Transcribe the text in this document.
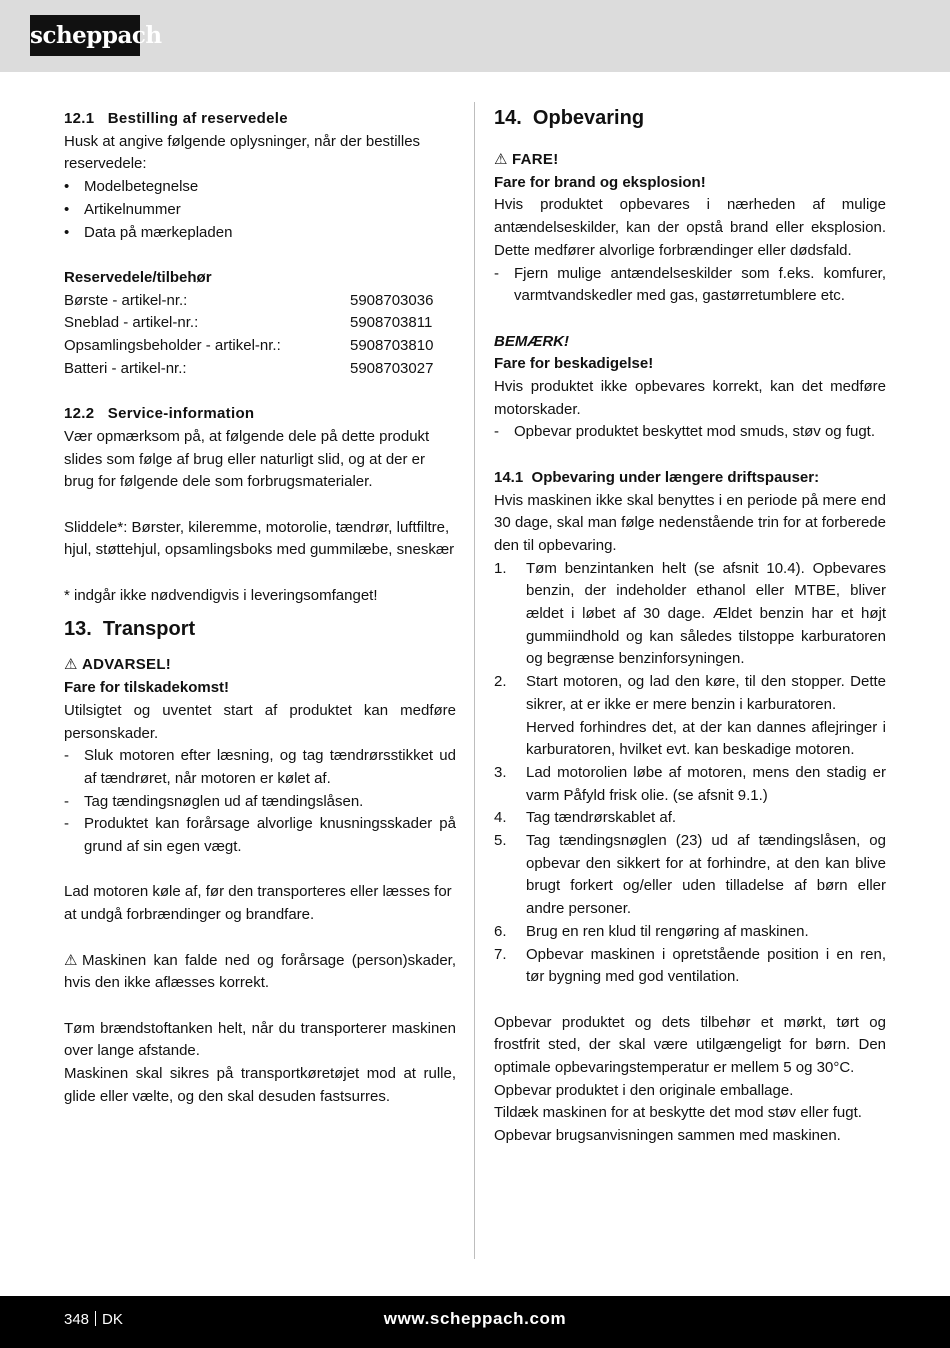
scheppach

12.1   Bestilling af reservedele

Husk at angive følgende oplysninger, når der bestilles reservedele:

• Modelbetegnelse
• Artikelnummer
• Data på mærkepladen

Reservedele/tilbehør

Børste - artikel-nr.:	5908703036
Sneblad - artikel-nr.:	5908703811
Opsamlingsbeholder - artikel-nr.:	5908703810
Batteri - artikel-nr.:	5908703027

12.2   Service-information

Vær opmærksom på, at følgende dele på dette produkt slides som følge af brug eller naturligt slid, og at der er brug for følgende dele som forbrugsmaterialer.

Sliddele*: Børster, kileremme, motorolie, tændrør, luftfiltre, hjul, støttehjul, opsamlingsboks med gummilæbe, sneskær

* indgår ikke nødvendigvis i leveringsomfanget!

13.  Transport

⚠ ADVARSEL!

Fare for tilskadekomst!

Utilsigtet og uventet start af produktet kan medføre personskader.

- Sluk motoren efter læsning, og tag tændrørsstikket ud af tændrøret, når motoren er kølet af.
- Tag tændingsnøglen ud af tændingslåsen.
- Produktet kan forårsage alvorlige knusningsskader på grund af sin egen vægt.

Lad motoren køle af, før den transporteres eller læsses for at undgå forbrændinger og brandfare.

⚠ Maskinen kan falde ned og forårsage (person)skader, hvis den ikke aflæsses korrekt.

Tøm brændstoftanken helt, når du transporterer maskinen over lange afstande.

Maskinen skal sikres på transportkøretøjet mod at rulle, glide eller vælte, og den skal desuden fastsurres.

14.  Opbevaring

⚠ FARE!

Fare for brand og eksplosion!

Hvis produktet opbevares i nærheden af mulige antændelseskilder, kan der opstå brand eller eksplosion. Dette medfører alvorlige forbrændinger eller dødsfald.

- Fjern mulige antændelseskilder som f.eks. komfurer, varmtvandskedler med gas, gastørretumblere etc.

BEMÆRK!

Fare for beskadigelse!

Hvis produktet ikke opbevares korrekt, kan det medføre motorskader.

- Opbevar produktet beskyttet mod smuds, støv og fugt.

14.1  Opbevaring under længere driftspauser:

Hvis maskinen ikke skal benyttes i en periode på mere end 30 dage, skal man følge nedenstående trin for at forberede den til opbevaring.

1. Tøm benzintanken helt (se afsnit 10.4). Opbevares benzin, der indeholder ethanol eller MTBE, bliver ældet i løbet af 30 dage. Ældet benzin har et højt gummiindhold og kan således tilstoppe karburatoren og begrænse benzinforsyningen.
2. Start motoren, og lad den køre, til den stopper. Dette sikrer, at er ikke er mere benzin i karburatoren.
Herved forhindres det, at der kan dannes aflejringer i karburatoren, hvilket evt. kan beskadige motoren.
3. Lad motorolien løbe af motoren, mens den stadig er varm Påfyld frisk olie. (se afsnit 9.1.)
4. Tag tændrørskablet af.
5. Tag tændingsnøglen (23) ud af tændingslåsen, og opbevar den sikkert for at forhindre, at den kan blive brugt forkert og/eller uden tilladelse af børn eller andre personer.
6. Brug en ren klud til rengøring af maskinen.
7. Opbevar maskinen i opretstående position i en ren, tør bygning med god ventilation.

Opbevar produktet og dets tilbehør et mørkt, tørt og frostfrit sted, der skal være utilgængeligt for børn. Den optimale opbevaringstemperatur er mellem 5 og 30°C.

Opbevar produktet i den originale emballage.

Tildæk maskinen for at beskytte det mod støv eller fugt.

Opbevar brugsanvisningen sammen med maskinen.

348 DK	www.scheppach.com
